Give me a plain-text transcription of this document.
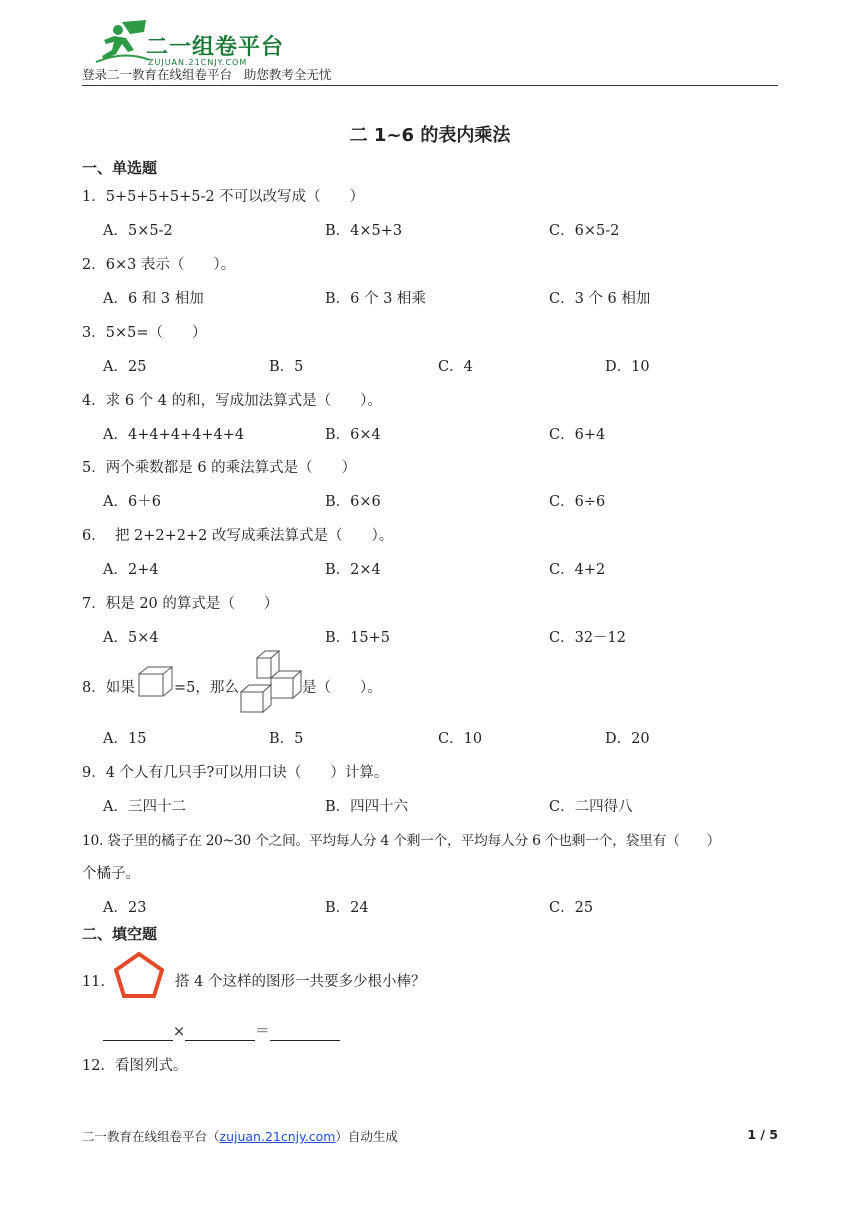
二一组卷平台
ZUJUAN.21CNJY.COM
登录二一教育在线组卷平台   助您教考全无忧
二 1~6 的表内乘法
一、单选题
1．5+5+5+5+5-2 不可以改写成（　　）
A．5×5-2	B．4×5+3	C．6×5-2
2．6×3 表示（　　）。
A．6 和 3 相加	B．6 个 3 相乘	C．3 个 6 相加
3．5×5=（　　）
A．25	B．5	C．4	D．10
4．求 6 个 4 的和，写成加法算式是（　　）。
A．4+4+4+4+4+4	B．6×4	C．6+4
5．两个乘数都是 6 的乘法算式是（　　）
A．6＋6	B．6×6	C．6÷6
6．  把 2+2+2+2 改写成乘法算式是（　　）。
A．2+4	B．2×4	C．4+2
7．积是 20 的算式是（　　）
A．5×4	B．15+5	C．32－12
8．如果	=5，那么	是（　　）。
A．15	B．5	C．10	D．20
9．4 个人有几只手?可以用口诀（　　）计算。
A．三四十二	B．四四十六	C．二四得八
10. 袋子里的橘子在 20~30 个之间。平均每人分 4 个剩一个，平均每人分 6 个也剩一个，袋里有（　　）
个橘子。
A．23	B．24	C．25
二、填空题
11．	搭 4 个这样的图形一共要多少根小棒？
×	＝
12．看图列式。
二一教育在线组卷平台（zujuan.21cnjy.com）自动生成	1 / 5
